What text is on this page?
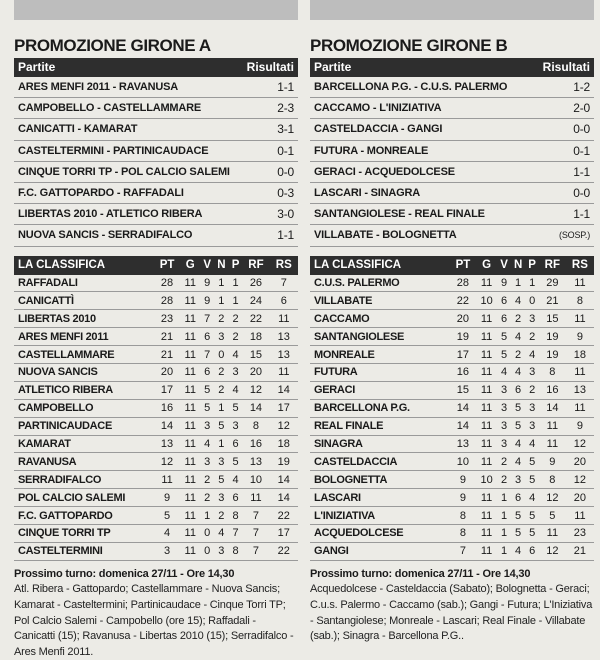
PROMOZIONE GIRONE A
Partite	Risultati
ARES MENFI 2011 - RAVANUSA	1-1
CAMPOBELLO - CASTELLAMMARE	2-3
CANICATTI - KAMARAT	3-1
CASTELTERMINI - PARTINICAUDACE	0-1
CINQUE TORRI TP - POL CALCIO SALEMI	0-0
F.C. GATTOPARDO - RAFFADALI	0-3
LIBERTAS 2010 - ATLETICO RIBERA	3-0
NUOVA SANCIS - SERRADIFALCO	1-1
LA CLASSIFICA	PT	G	V	N	P	RF	RS
RAFFADALI	28	11	9	1	1	26	7
CANICATTÌ	28	11	9	1	1	24	6
LIBERTAS 2010	23	11	7	2	2	22	11
ARES MENFI 2011	21	11	6	3	2	18	13
CASTELLAMMARE	21	11	7	0	4	15	13
NUOVA SANCIS	20	11	6	2	3	20	11
ATLETICO RIBERA	17	11	5	2	4	12	14
CAMPOBELLO	16	11	5	1	5	14	17
PARTINICAUDACE	14	11	3	5	3	8	12
KAMARAT	13	11	4	1	6	16	18
RAVANUSA	12	11	3	3	5	13	19
SERRADIFALCO	11	11	2	5	4	10	14
POL CALCIO SALEMI	9	11	2	3	6	11	14
F.C. GATTOPARDO	5	11	1	2	8	7	22
CINQUE TORRI TP	4	11	0	4	7	7	17
CASTELTERMINI	3	11	0	3	8	7	22
Prossimo turno: domenica 27/11 - Ore 14,30
Atl. Ribera - Gattopardo; Castellammare - Nuova Sancis; Kamarat - Casteltermini; Partinicaudace - Cinque Torri TP; Pol Calcio Salemi - Campobello (ore 15); Raffadali - Canicatti (15); Ravanusa - Libertas 2010 (15); Serradifalco - Ares Menfi 2011.
PROMOZIONE GIRONE B
Partite	Risultati
BARCELLONA P.G. - C.U.S. PALERMO	1-2
CACCAMO - L'INIZIATIVA	2-0
CASTELDACCIA - GANGI	0-0
FUTURA - MONREALE	0-1
GERACI - ACQUEDOLCESE	1-1
LASCARI - SINAGRA	0-0
SANTANGIOLESE - REAL FINALE	1-1
VILLABATE - BOLOGNETTA	(SOSP.)
LA CLASSIFICA	PT	G	V	N	P	RF	RS
C.U.S. PALERMO	28	11	9	1	1	29	11
VILLABATE	22	10	6	4	0	21	8
CACCAMO	20	11	6	2	3	15	11
SANTANGIOLESE	19	11	5	4	2	19	9
MONREALE	17	11	5	2	4	19	18
FUTURA	16	11	4	4	3	8	11
GERACI	15	11	3	6	2	16	13
BARCELLONA P.G.	14	11	3	5	3	14	11
REAL FINALE	14	11	3	5	3	11	9
SINAGRA	13	11	3	4	4	11	12
CASTELDACCIA	10	11	2	4	5	9	20
BOLOGNETTA	9	10	2	3	5	8	12
LASCARI	9	11	1	6	4	12	20
L'INIZIATIVA	8	11	1	5	5	5	11
ACQUEDOLCESE	8	11	1	5	5	11	23
GANGI	7	11	1	4	6	12	21
Prossimo turno: domenica 27/11 - Ore 14,30
Acquedolcese - Casteldaccia (Sabato); Bolognetta - Geraci; C.u.s. Palermo - Caccamo (sab.); Gangi - Futura; L'Iniziativa - Santangiolese; Monreale - Lascari; Real Finale - Villabate (sab.); Sinagra - Barcellona P.G..
